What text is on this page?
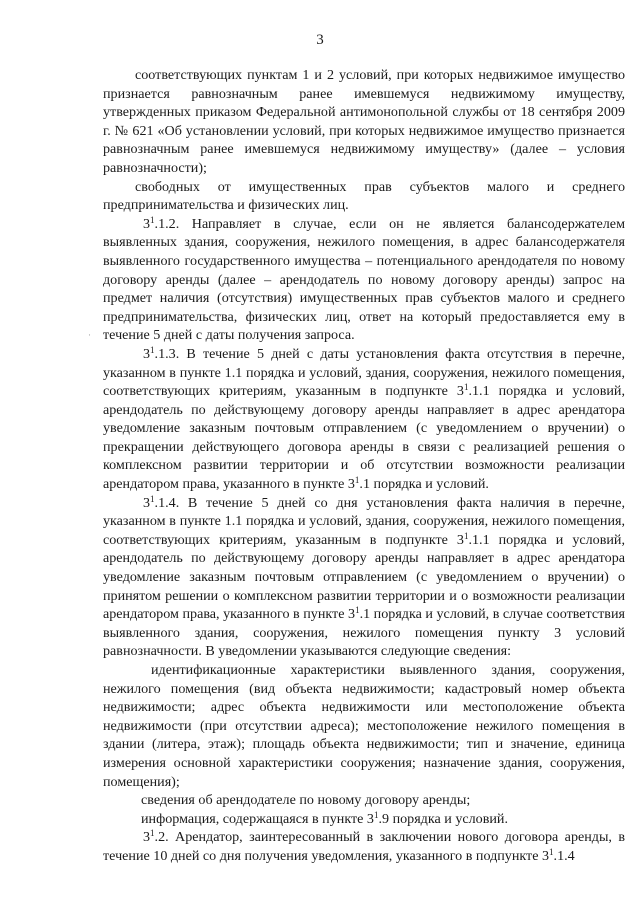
3
·

соответствующих пунктам 1 и 2 условий, при которых недвижимое имущество признается равнозначным ранее имевшемуся недвижимому имуществу, утвержденных приказом Федеральной антимонопольной службы от 18 сентября 2009 г. № 621 «Об установлении условий, при которых недвижимое имущество признается равнозначным ранее имевшемуся недвижимому имуществу» (далее – условия равнозначности);

свободных от имущественных прав субъектов малого и среднего предпринимательства и физических лиц.

$3^1.1.2$. Направляет в случае, если он не является балансодержателем выявленных здания, сооружения, нежилого помещения, в адрес балансодержателя выявленного государственного имущества – потенциального арендодателя по новому договору аренды (далее – арендодатель по новому договору аренды) запрос на предмет наличия (отсутствия) имущественных прав субъектов малого и среднего предпринимательства, физических лиц, ответ на который предоставляется ему в течение 5 дней с даты получения запроса.

$3^1.1.3$. В течение 5 дней с даты установления факта отсутствия в перечне, указанном в пункте 1.1 порядка и условий, здания, сооружения, нежилого помещения, соответствующих критериям, указанным в подпункте $3^1.1.1$ порядка и условий, арендодатель по действующему договору аренды направляет в адрес арендатора уведомление заказным почтовым отправлением (с уведомлением о вручении) о прекращении действующего договора аренды в связи с реализацией решения о комплексном развитии территории и об отсутствии возможности реализации арендатором права, указанного в пункте $3^1.1$ порядка и условий.

$3^1.1.4$. В течение 5 дней со дня установления факта наличия в перечне, указанном в пункте 1.1 порядка и условий, здания, сооружения, нежилого помещения, соответствующих критериям, указанным в подпункте $3^1.1.1$ порядка и условий, арендодатель по действующему договору аренды направляет в адрес арендатора уведомление заказным почтовым отправлением (с уведомлением о вручении) о принятом решении о комплексном развитии территории и о возможности реализации арендатором права, указанного в пункте $3^1.1$ порядка и условий, в случае соответствия выявленного здания, сооружения, нежилого помещения пункту 3 условий равнозначности. В уведомлении указываются следующие сведения:

идентификационные характеристики выявленного здания, сооружения, нежилого помещения (вид объекта недвижимости; кадастровый номер объекта недвижимости; адрес объекта недвижимости или местоположение объекта недвижимости (при отсутствии адреса); местоположение нежилого помещения в здании (литера, этаж); площадь объекта недвижимости; тип и значение, единица измерения основной характеристики сооружения; назначение здания, сооружения, помещения);

сведения об арендодателе по новому договору аренды;

информация, содержащаяся в пункте $3^1.9$ порядка и условий.

$3^1.2$. Арендатор, заинтересованный в заключении нового договора аренды, в течение 10 дней со дня получения уведомления, указанного в подпункте $3^1.1.4$
